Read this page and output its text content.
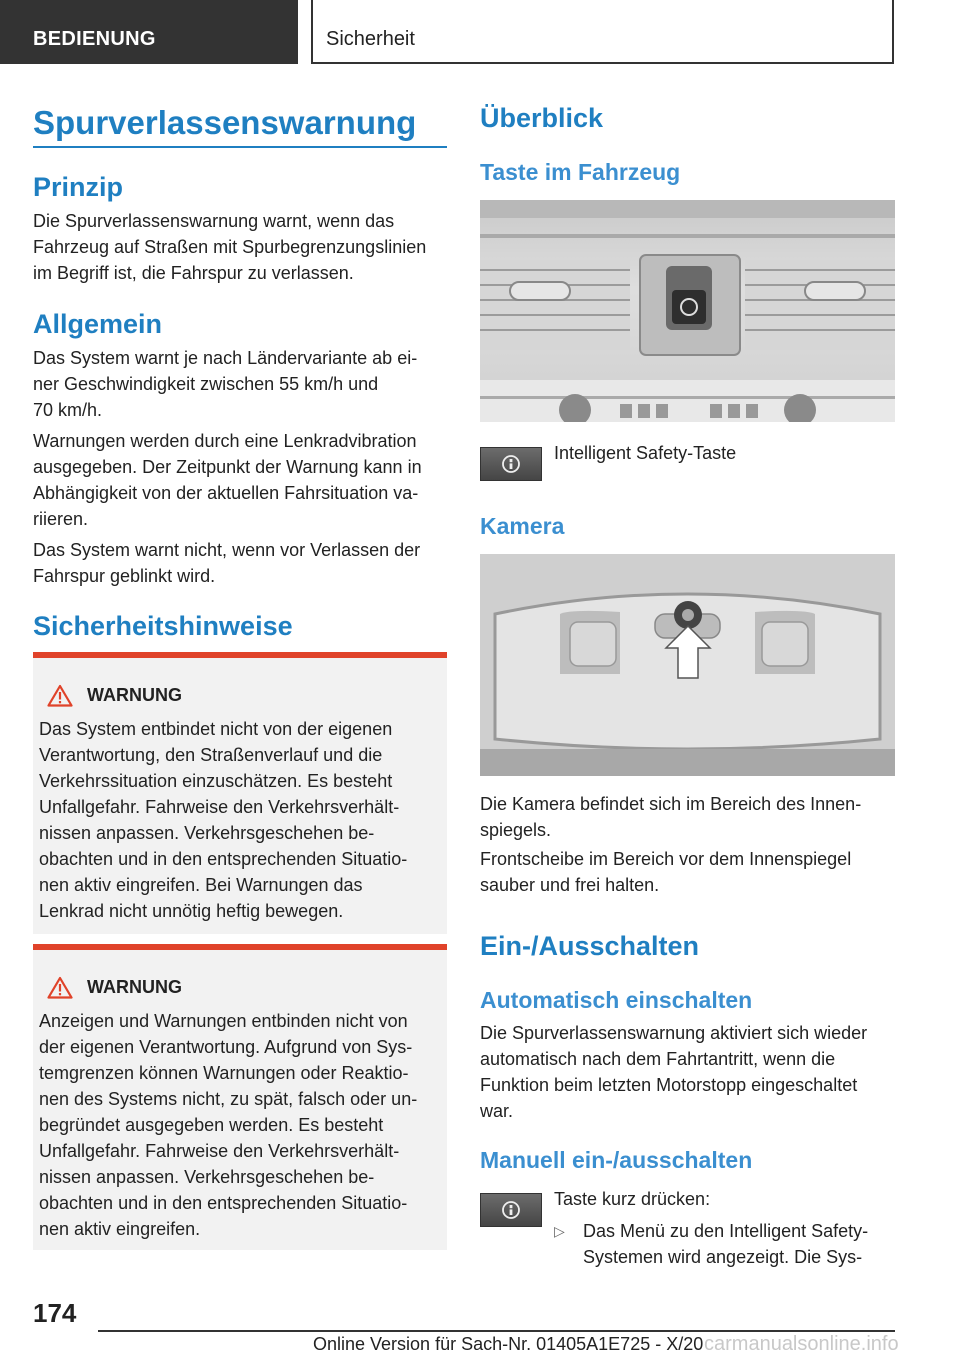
BEDIENUNG	Sicherheit
Spurverlassenswarnung
Prinzip
Die Spurverlassenswarnung warnt, wenn das
Fahrzeug auf Straßen mit Spurbegrenzungslinien
im Begriff ist, die Fahrspur zu verlassen.
Allgemein
Das System warnt je nach Ländervariante ab ei‐
ner Geschwindigkeit zwischen 55 km/h und
70 km/h.
Warnungen werden durch eine Lenkradvibration
ausgegeben. Der Zeitpunkt der Warnung kann in
Abhängigkeit von der aktuellen Fahrsituation va‐
riieren.
Das System warnt nicht, wenn vor Verlassen der
Fahrspur geblinkt wird.
Sicherheitshinweise
WARNUNG
Das System entbindet nicht von der eigenen
Verantwortung, den Straßenverlauf und die
Verkehrssituation einzuschätzen. Es besteht
Unfallgefahr. Fahrweise den Verkehrsverhält‐
nissen anpassen. Verkehrsgeschehen be‐
obachten und in den entsprechenden Situatio‐
nen aktiv eingreifen. Bei Warnungen das
Lenkrad nicht unnötig heftig bewegen.
WARNUNG
Anzeigen und Warnungen entbinden nicht von
der eigenen Verantwortung. Aufgrund von Sys‐
temgrenzen können Warnungen oder Reaktio‐
nen des Systems nicht, zu spät, falsch oder un‐
begründet ausgegeben werden. Es besteht
Unfallgefahr. Fahrweise den Verkehrsverhält‐
nissen anpassen. Verkehrsgeschehen be‐
obachten und in den entsprechenden Situatio‐
nen aktiv eingreifen.
Überblick
Taste im Fahrzeug
Intelligent Safety-Taste
Kamera
Die Kamera befindet sich im Bereich des Innen‐
spiegels.
Frontscheibe im Bereich vor dem Innenspiegel
sauber und frei halten.
Ein-/Ausschalten
Automatisch einschalten
Die Spurverlassenswarnung aktiviert sich wieder
automatisch nach dem Fahrtantritt, wenn die
Funktion beim letzten Motorstopp eingeschaltet
war.
Manuell ein-/ausschalten
Taste kurz drücken:
▷ Das Menü zu den Intelligent Safety-
Systemen wird angezeigt. Die Sys‐
174
Online Version für Sach-Nr. 01405A1E725 - X/20 carmanualsonline.info
